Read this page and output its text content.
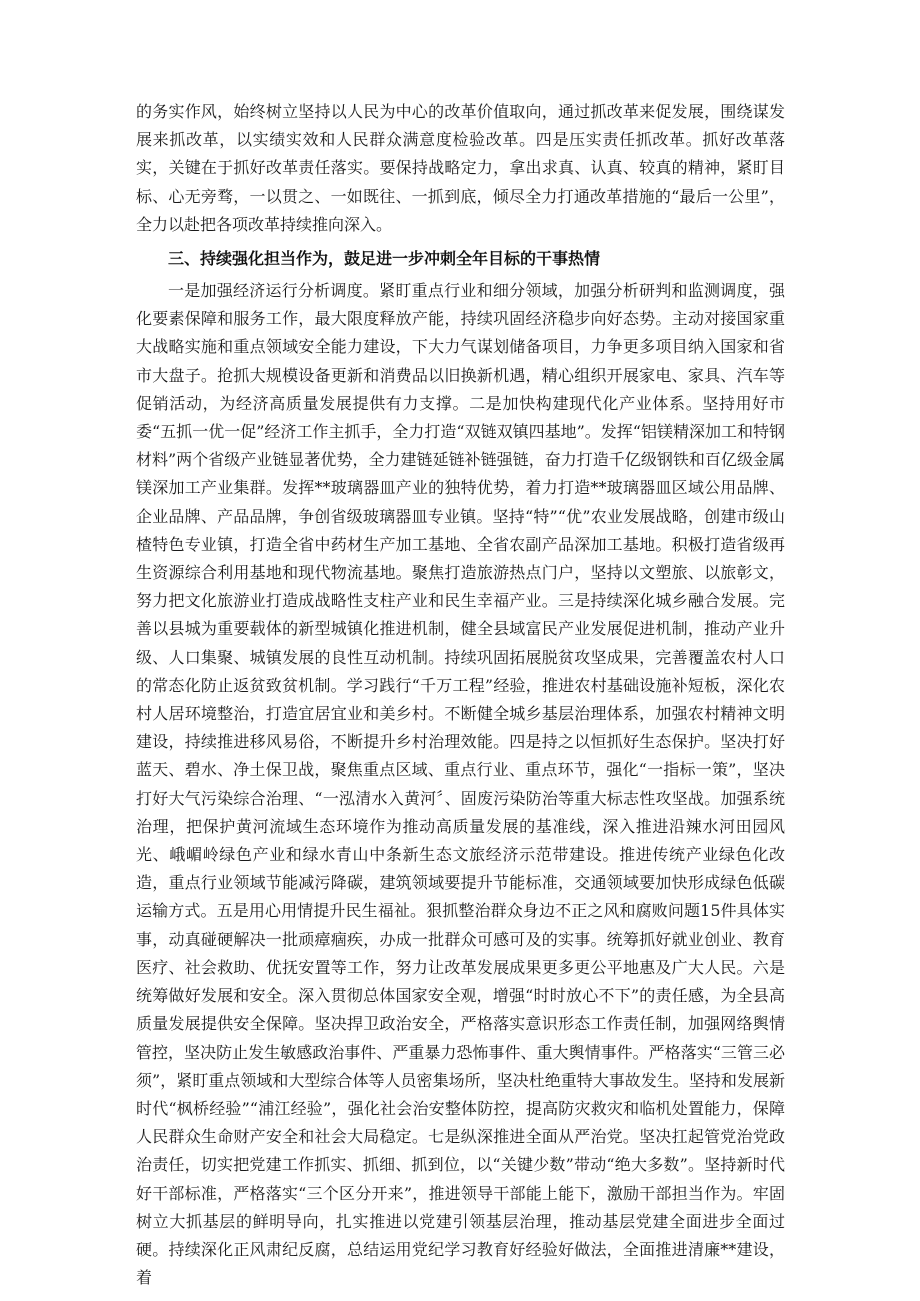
的务实作风，始终树立坚持以人民为中心的改革价值取向，通过抓改革来促发展，围绕谋发展来抓改革，以实绩实效和人民群众满意度检验改革。四是压实责任抓改革。抓好改革落实，关键在于抓好改革责任落实。要保持战略定力，拿出求真、认真、较真的精神，紧盯目标、心无旁骛，一以贯之、一如既往、一抓到底，倾尽全力打通改革措施的“最后一公里”，全力以赴把各项改革持续推向深入。

三、持续强化担当作为，鼓足进一步冲刺全年目标的干事热情

一是加强经济运行分析调度。紧盯重点行业和细分领域，加强分析研判和监测调度，强化要素保障和服务工作，最大限度释放产能，持续巩固经济稳步向好态势。主动对接国家重大战略实施和重点领域安全能力建设，下大力气谋划储备项目，力争更多项目纳入国家和省市大盘子。抢抓大规模设备更新和消费品以旧换新机遇，精心组织开展家电、家具、汽车等促销活动，为经济高质量发展提供有力支撑。二是加快构建现代化产业体系。坚持用好市委“五抓一优一促”经济工作主抓手，全力打造“双链双镇四基地”。发挥“铝镁精深加工和特钢材料”两个省级产业链显著优势，全力建链延链补链强链，奋力打造千亿级钢铁和百亿级金属镁深加工产业集群。发挥**玻璃器皿产业的独特优势，着力打造**玻璃器皿区域公用品牌、企业品牌、产品品牌，争创省级玻璃器皿专业镇。坚持“特”“优”农业发展战略，创建市级山楂特色专业镇，打造全省中药材生产加工基地、全省农副产品深加工基地。积极打造省级再生资源综合利用基地和现代物流基地。聚焦打造旅游热点门户，坚持以文塑旅、以旅彰文，努力把文化旅游业打造成战略性支柱产业和民生幸福产业。三是持续深化城乡融合发展。完善以县城为重要载体的新型城镇化推进机制，健全县域富民产业发展促进机制，推动产业升级、人口集聚、城镇发展的良性互动机制。持续巩固拓展脱贫攻坚成果，完善覆盖农村人口的常态化防止返贫致贫机制。学习践行“千万工程”经验，推进农村基础设施补短板，深化农村人居环境整治，打造宜居宜业和美乡村。不断健全城乡基层治理体系，加强农村精神文明建设，持续推进移风易俗，不断提升乡村治理效能。四是持之以恒抓好生态保护。坚决打好蓝天、碧水、净土保卫战，聚焦重点区域、重点行业、重点环节，强化“一指标一策”，坚决打好大气污染综合治理、“一泓清水入黄河〞、固废污染防治等重大标志性攻坚战。加强系统治理，把保护黄河流域生态环境作为推动高质量发展的基准线，深入推进沿辣水河田园风光、峨嵋岭绿色产业和绿水青山中条新生态文旅经济示范带建设。推进传统产业绿色化改造，重点行业领域节能减污降碳，建筑领域要提升节能标准，交通领域要加快形成绿色低碳运输方式。五是用心用情提升民生福祉。狠抓整治群众身边不正之风和腐败问题15件具体实事，动真碰硬解决一批顽瘴痼疾，办成一批群众可感可及的实事。统筹抓好就业创业、教育医疗、社会救助、优抚安置等工作，努力让改革发展成果更多更公平地惠及广大人民。六是统筹做好发展和安全。深入贯彻总体国家安全观，增强“时时放心不下”的责任感，为全县高质量发展提供安全保障。坚决捍卫政治安全，严格落实意识形态工作责任制，加强网络舆情管控，坚决防止发生敏感政治事件、严重暴力恐怖事件、重大舆情事件。严格落实“三管三必须”，紧盯重点领域和大型综合体等人员密集场所，坚决杜绝重特大事故发生。坚持和发展新时代“枫桥经验”“浦江经验”，强化社会治安整体防控，提高防灾救灾和临机处置能力，保障人民群众生命财产安全和社会大局稳定。七是纵深推进全面从严治党。坚决扛起管党治党政治责任，切实把党建工作抓实、抓细、抓到位，以“关键少数”带动“绝大多数”。坚持新时代好干部标准，严格落实“三个区分开来”，推进领导干部能上能下，激励干部担当作为。牢固树立大抓基层的鲜明导向，扎实推进以党建引领基层治理，推动基层党建全面进步全面过硬。持续深化正风肃纪反腐，总结运用党纪学习教育好经验好做法，全面推进清廉**建设，着
